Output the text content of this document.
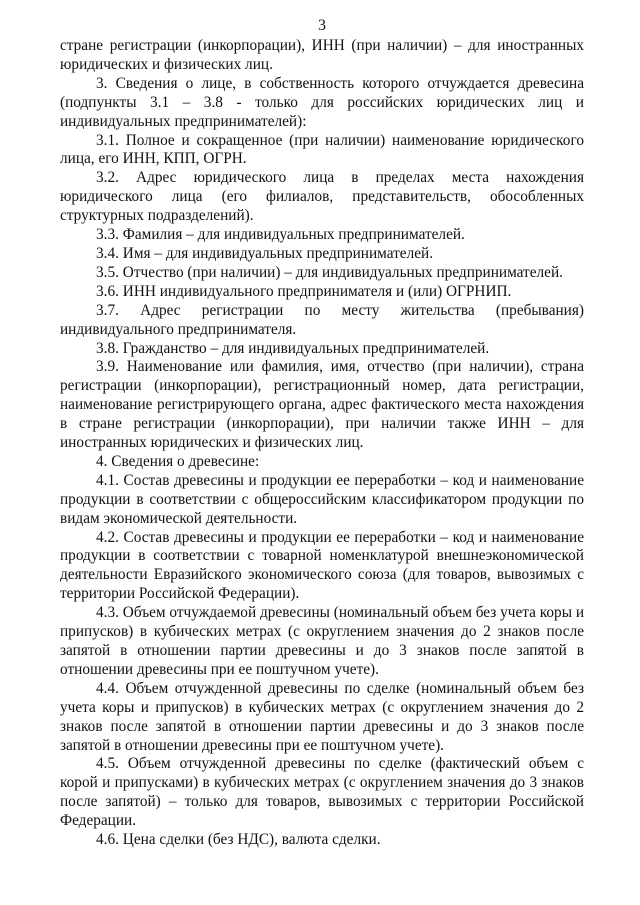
3

стране регистрации (инкорпорации), ИНН (при наличии) – для иностранных юридических и физических лиц.

3. Сведения о лице, в собственность которого отчуждается древесина (подпункты 3.1 – 3.8 - только для российских юридических лиц и индивидуальных предпринимателей):

3.1. Полное и сокращенное (при наличии) наименование юридического лица, его ИНН, КПП, ОГРН.

3.2. Адрес юридического лица в пределах места нахождения юридического лица (его филиалов, представительств, обособленных структурных подразделений).

3.3. Фамилия – для индивидуальных предпринимателей.

3.4. Имя – для индивидуальных предпринимателей.

3.5. Отчество (при наличии) – для индивидуальных предпринимателей.

3.6. ИНН индивидуального предпринимателя и (или) ОГРНИП.

3.7. Адрес регистрации по месту жительства (пребывания) индивидуального предпринимателя.

3.8. Гражданство – для индивидуальных предпринимателей.

3.9. Наименование или фамилия, имя, отчество (при наличии), страна регистрации (инкорпорации), регистрационный номер, дата регистрации, наименование регистрирующего органа, адрес фактического места нахождения в стране регистрации (инкорпорации), при наличии также ИНН – для иностранных юридических и физических лиц.

4. Сведения о древесине:

4.1. Состав древесины и продукции ее переработки – код и наименование продукции в соответствии с общероссийским классификатором продукции по видам экономической деятельности.

4.2. Состав древесины и продукции ее переработки – код и наименование продукции в соответствии с товарной номенклатурой внешнеэкономической деятельности Евразийского экономического союза (для товаров, вывозимых с территории Российской Федерации).

4.3. Объем отчуждаемой древесины (номинальный объем без учета коры и припусков) в кубических метрах (с округлением значения до 2 знаков после запятой в отношении партии древесины и до 3 знаков после запятой в отношении древесины при ее поштучном учете).

4.4. Объем отчужденной древесины по сделке (номинальный объем без учета коры и припусков) в кубических метрах (с округлением значения до 2 знаков после запятой в отношении партии древесины и до 3 знаков после запятой в отношении древесины при ее поштучном учете).

4.5. Объем отчужденной древесины по сделке (фактический объем с корой и припусками) в кубических метрах (с округлением значения до 3 знаков после запятой) – только для товаров, вывозимых с территории Российской Федерации.

4.6. Цена сделки (без НДС), валюта сделки.
